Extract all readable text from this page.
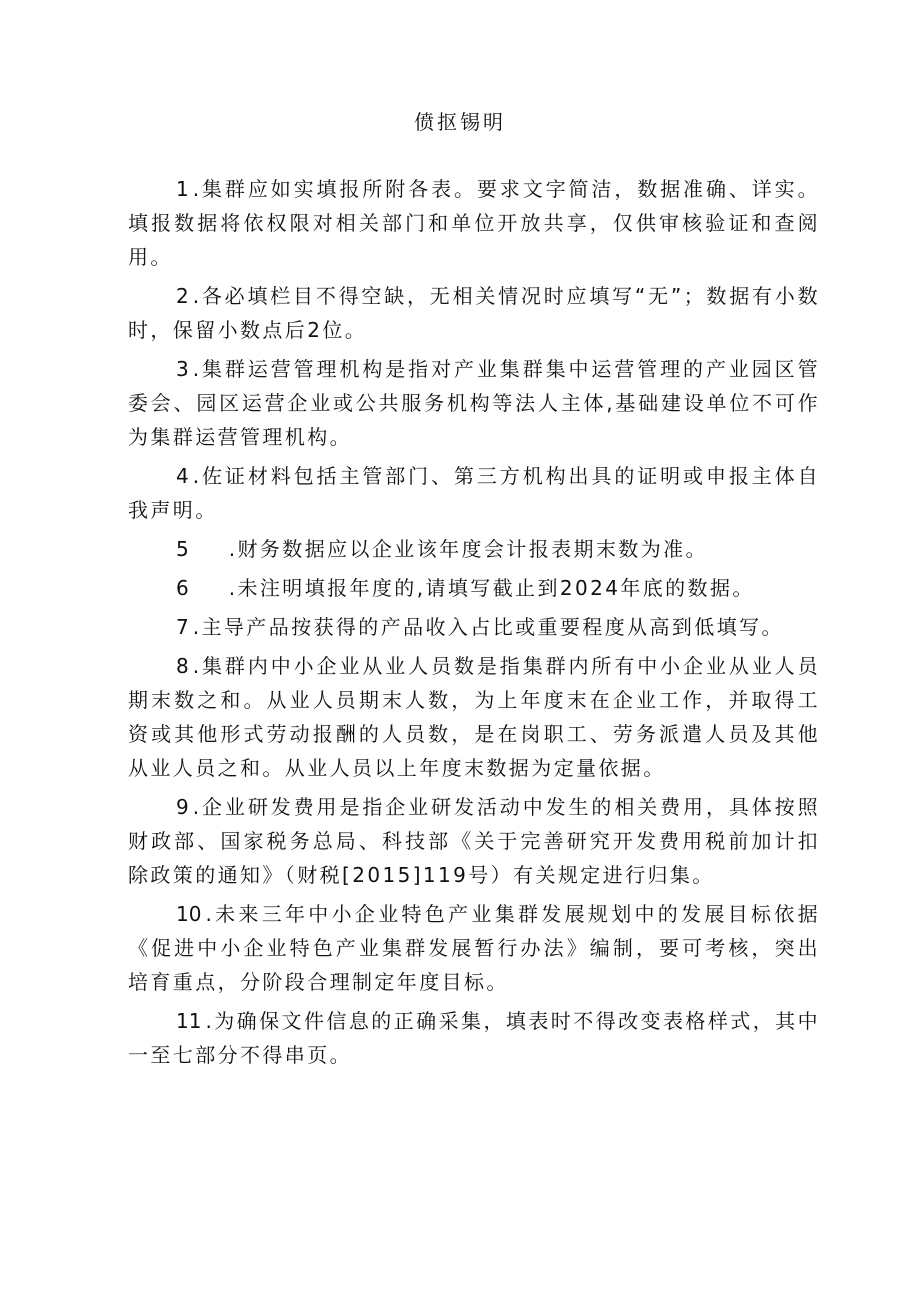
偾抠锡明

1 .集群应如实填报所附各表。要求文字简洁，数据准确、详实。填报数据将依权限对相关部门和单位开放共享，仅供审核验证和查阅用。

2 .各必填栏目不得空缺，无相关情况时应填写“无”；数据有小数时，保留小数点后2位。

3 .集群运营管理机构是指对产业集群集中运营管理的产业园区管委会、园区运营企业或公共服务机构等法人主体,基础建设单位不可作为集群运营管理机构。

4 .佐证材料包括主管部门、第三方机构出具的证明或申报主体自我声明。

5 .财务数据应以企业该年度会计报表期末数为准。

6 .未注明填报年度的,请填写截止到2024年底的数据。

7 .主导产品按获得的产品收入占比或重要程度从高到低填写。

8 .集群内中小企业从业人员数是指集群内所有中小企业从业人员期末数之和。从业人员期末人数，为上年度末在企业工作，并取得工资或其他形式劳动报酬的人员数，是在岗职工、劳务派遣人员及其他从业人员之和。从业人员以上年度末数据为定量依据。

9 .企业研发费用是指企业研发活动中发生的相关费用，具体按照财政部、国家税务总局、科技部《关于完善研究开发费用税前加计扣除政策的通知》（财税[2015]119号）有关规定进行归集。

10 .未来三年中小企业特色产业集群发展规划中的发展目标依据《促进中小企业特色产业集群发展暂行办法》编制，要可考核，突出培育重点，分阶段合理制定年度目标。

11 .为确保文件信息的正确采集，填表时不得改变表格样式，其中一至七部分不得串页。
